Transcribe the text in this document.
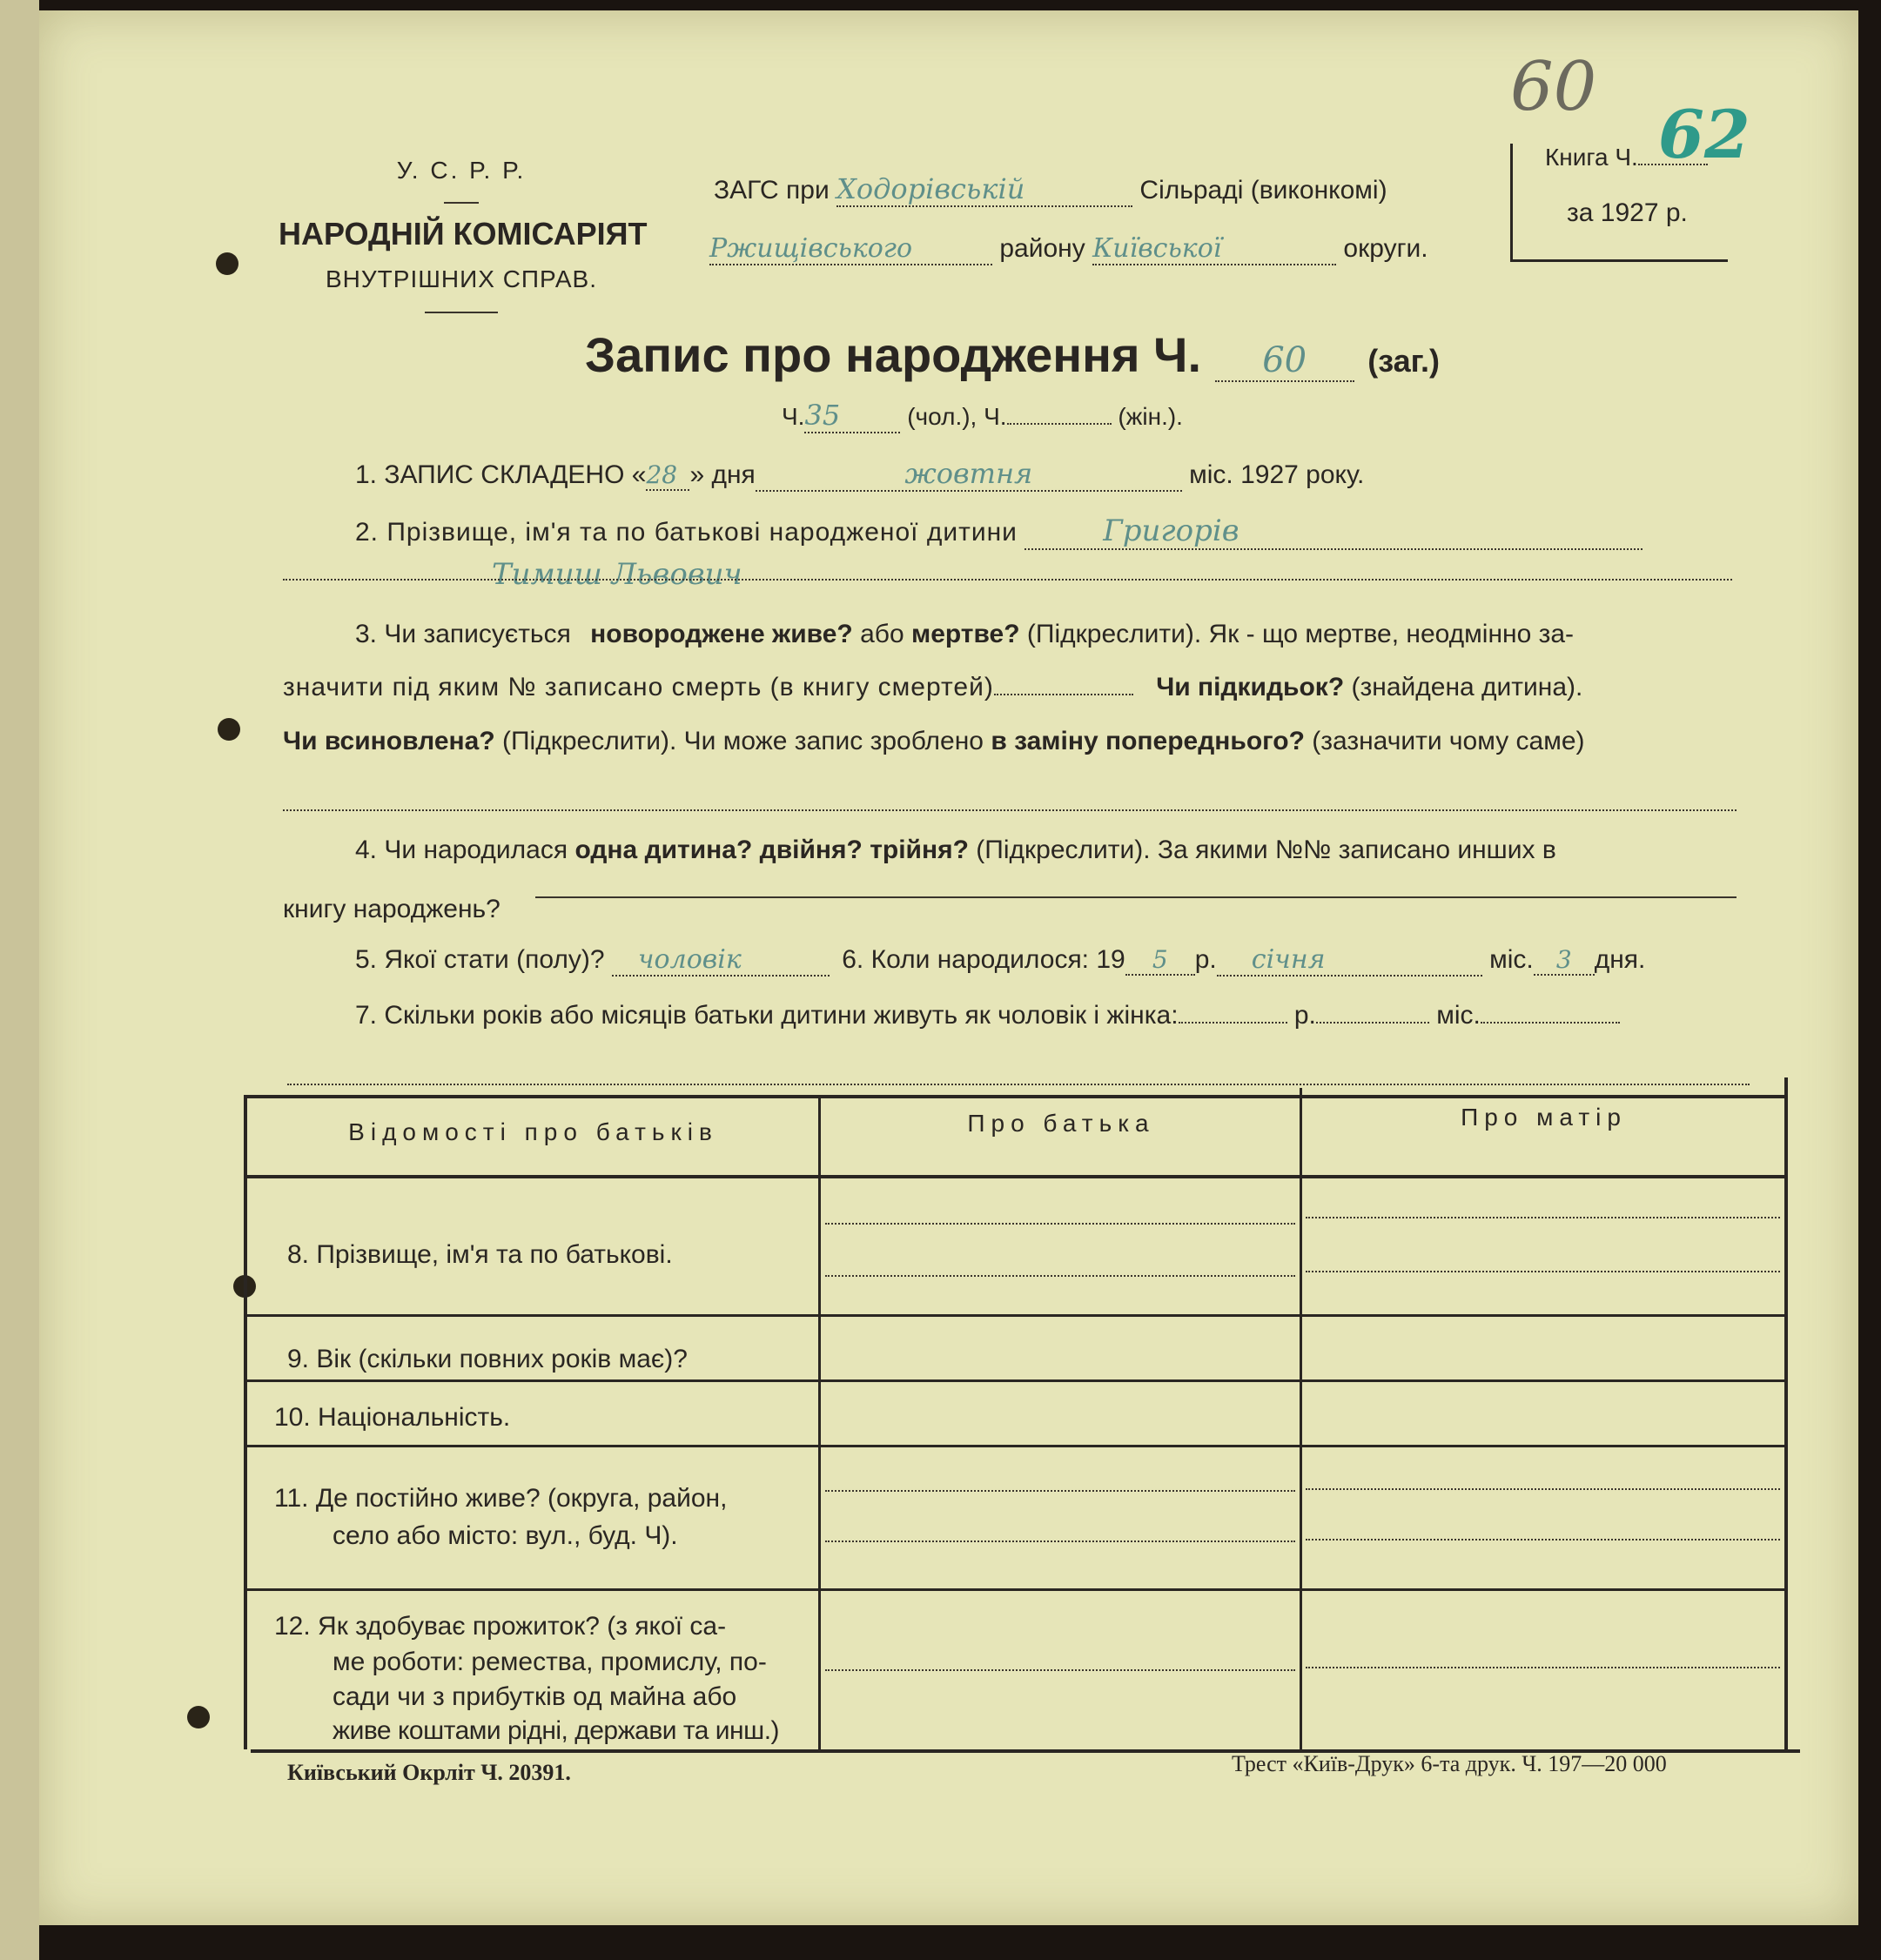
У. С. Р. Р.
НАРОДНІЙ КОМІСАРІЯТ
ВНУТРІШНИХ СПРАВ.
ЗАГС при Ходорівській	Сільраді (виконкомі)
Ржищівського	району Київської	округи.
60
Книга Ч. 62
за 1927 р.
Запис про народження Ч. 60 (заг.)
Ч.35	(чол.), Ч.	(жін.).
1. ЗАПИС СКЛАДЕНО «28 » дня	жовтня	міс. 1927 року.
2. Прізвище, ім'я та по батькові народженої дитини	Григорів
Тимиш Львович
3. Чи записується новороджене живе? або мертве? (Підкреслити). Як - що мертве, неодмінно за-
значити під яким № записано смерть (в книгу смертей)	Чи підкидьок? (знайдена дитина).
Чи всиновлена? (Підкреслити). Чи може запис зроблено в заміну попереднього? (зазначити чому саме)
4. Чи народилася одна дитина? двійня? трійня? (Підкреслити). За якими №№ записано инших в
книгу народжень?
5. Якої стати (полу)? чоловік	6. Коли народилося: 19 5 р. січня	міс. 3 дня.
7. Скільки років або місяців батьки дитини живуть як чоловік і жінка:	р.	міс.
Відомості про батьків	Про батька	Про матір
8. Прізвище, ім'я та по батькові.
9. Вік (скільки повних років має)?
10. Національність.
11. Де постійно живе? (округа, район,
село або місто: вул., буд. Ч).
12. Як здобуває прожиток? (з якої са-
ме роботи: ремества, промислу, по-
сади чи з прибутків од майна або
живе коштами рідні, держави та инш.)
Київський Окрліт Ч. 20391.	Трест «Київ-Друк» 6-та друк. Ч. 197—20 000
